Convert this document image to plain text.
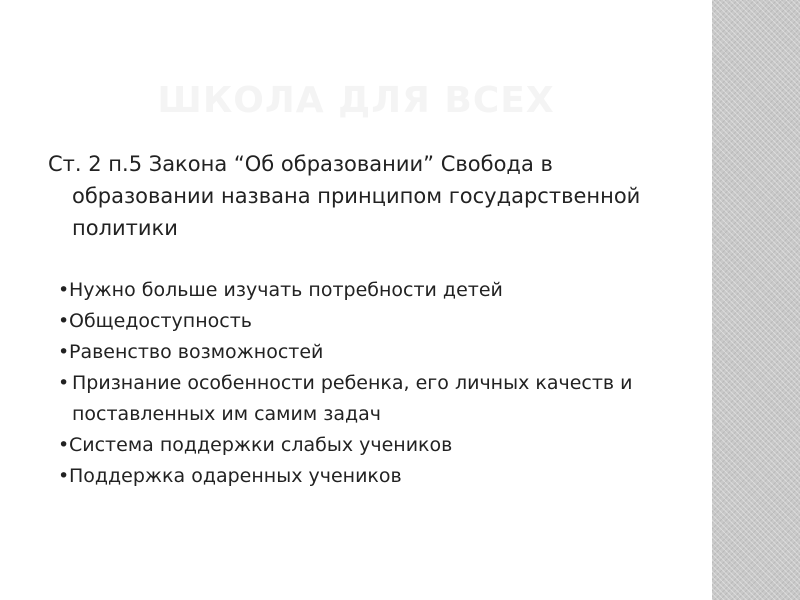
ШКОЛА ДЛЯ ВСЕХ
Ст. 2 п.5 Закона “Об образовании” Свобода в образовании названа принципом государственной политики
• Нужно больше изучать потребности детей
• Общедоступность
• Равенство возможностей
• Признание особенности ребенка, его личных качеств и поставленных им самим задач
• Система поддержки слабых учеников
• Поддержка одаренных учеников
